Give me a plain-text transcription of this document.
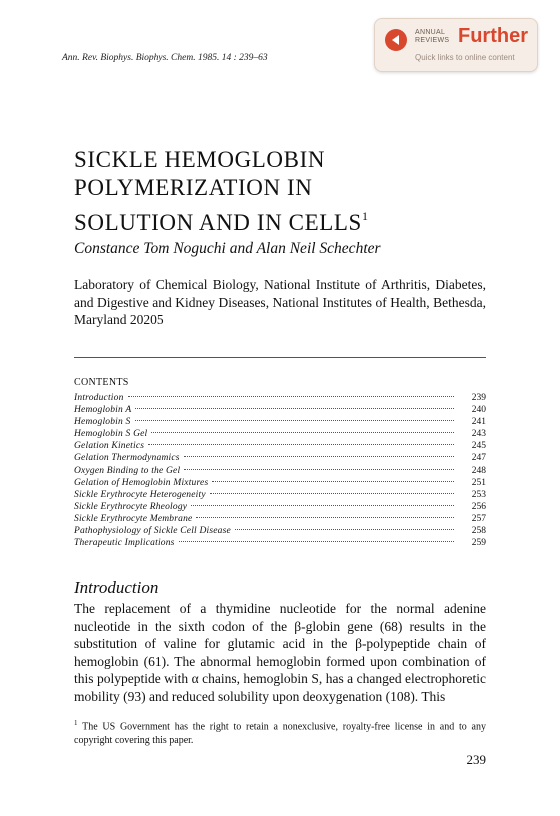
Ann. Rev. Biophys. Biophys. Chem. 1985. 14 : 239–63
ANNUAL
REVIEWS Further
Quick links to online content
SICKLE HEMOGLOBIN
POLYMERIZATION IN
SOLUTION AND IN CELLS$^1$
Constance Tom Noguchi and Alan Neil Schechter
Laboratory of Chemical Biology, National Institute of Arthritis, Diabetes, and Digestive and Kidney Diseases, National Institutes of Health, Bethesda, Maryland 20205
CONTENTS
Introduction	239
Hemoglobin A	240
Hemoglobin S	241
Hemoglobin S Gel	243
Gelation Kinetics	245
Gelation Thermodynamics	247
Oxygen Binding to the Gel	248
Gelation of Hemoglobin Mixtures	251
Sickle Erythrocyte Heterogeneity	253
Sickle Erythrocyte Rheology	256
Sickle Erythrocyte Membrane	257
Pathophysiology of Sickle Cell Disease	258
Therapeutic Implications	259
Introduction

The replacement of a thymidine nucleotide for the normal adenine nucleotide in the sixth codon of the β-globin gene (68) results in the substitution of valine for glutamic acid in the β-polypeptide chain of hemoglobin (61). The abnormal hemoglobin formed upon combination of this polypeptide with α chains, hemoglobin S, has a changed electrophoretic mobility (93) and reduced solubility upon deoxygenation (108). This

$^1$ The US Government has the right to retain a nonexclusive, royalty-free license in and to any copyright covering this paper.

239
